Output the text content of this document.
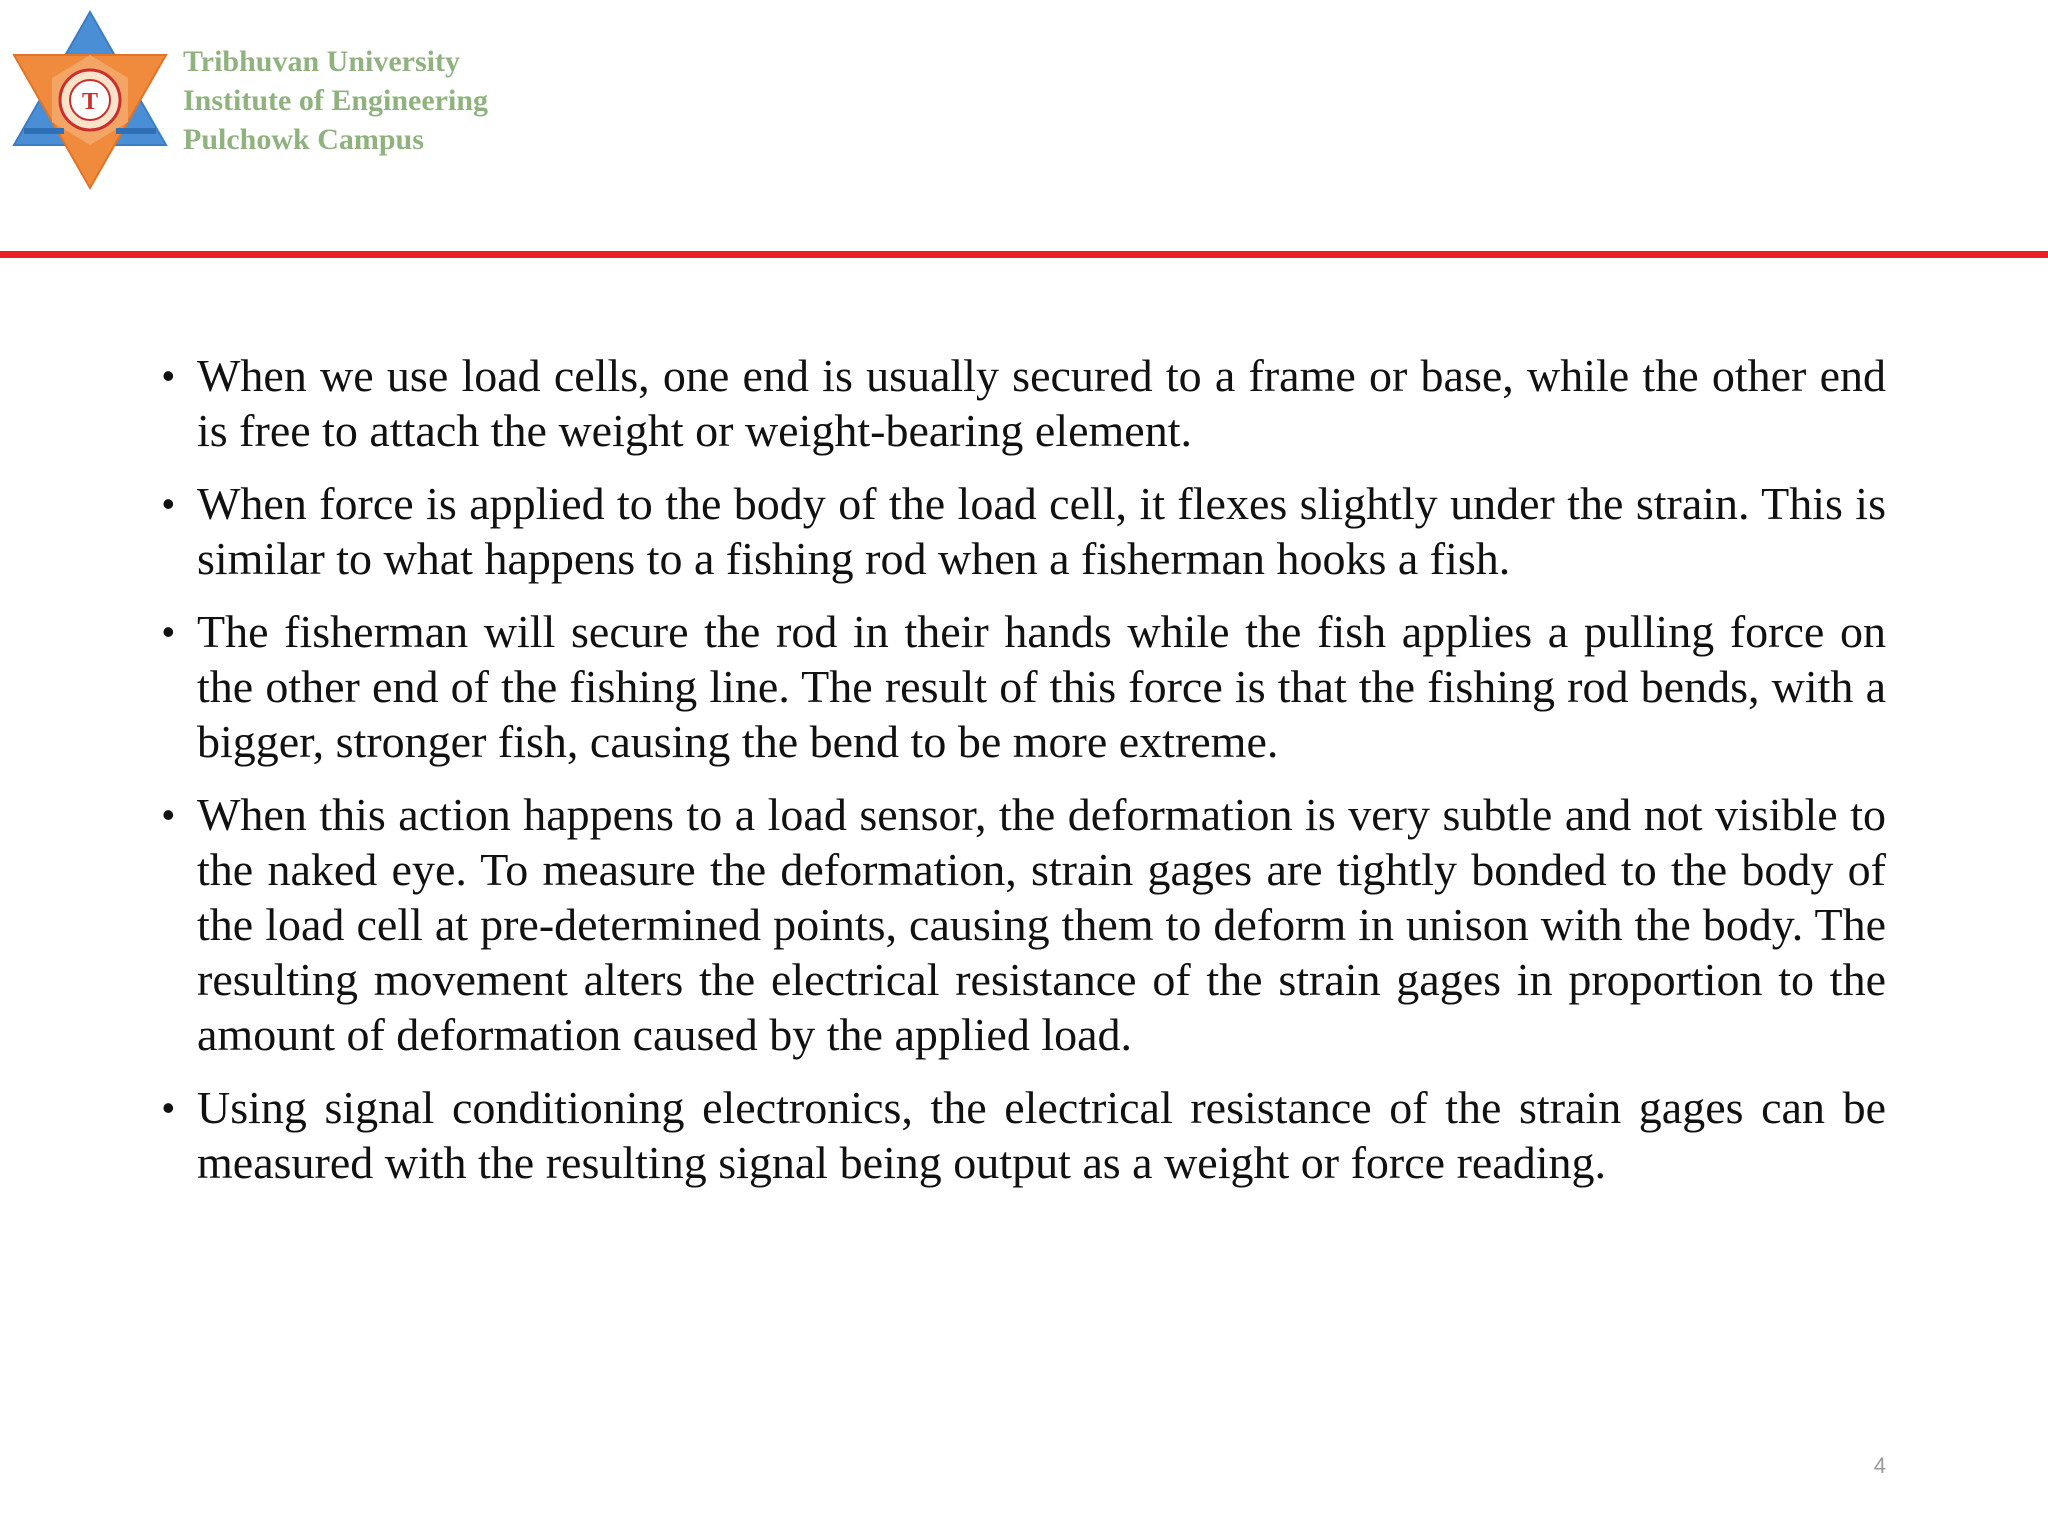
T
Tribhuvan University
Institute of Engineering
Pulchowk Campus
• When we use load cells, one end is usually secured to a frame or base, while the other end is free to attach the weight or weight-bearing element.
• When force is applied to the body of the load cell, it flexes slightly under the strain. This is similar to what happens to a fishing rod when a fisherman hooks a fish.
• The fisherman will secure the rod in their hands while the fish applies a pulling force on the other end of the fishing line. The result of this force is that the fishing rod bends, with a bigger, stronger fish, causing the bend to be more extreme.
• When this action happens to a load sensor, the deformation is very subtle and not visible to the naked eye. To measure the deformation, strain gages are tightly bonded to the body of the load cell at pre-determined points, causing them to deform in unison with the body. The resulting movement alters the electrical resistance of the strain gages in proportion to the amount of deformation caused by the applied load.
• Using signal conditioning electronics, the electrical resistance of the strain gages can be measured with the resulting signal being output as a weight or force reading.
4
